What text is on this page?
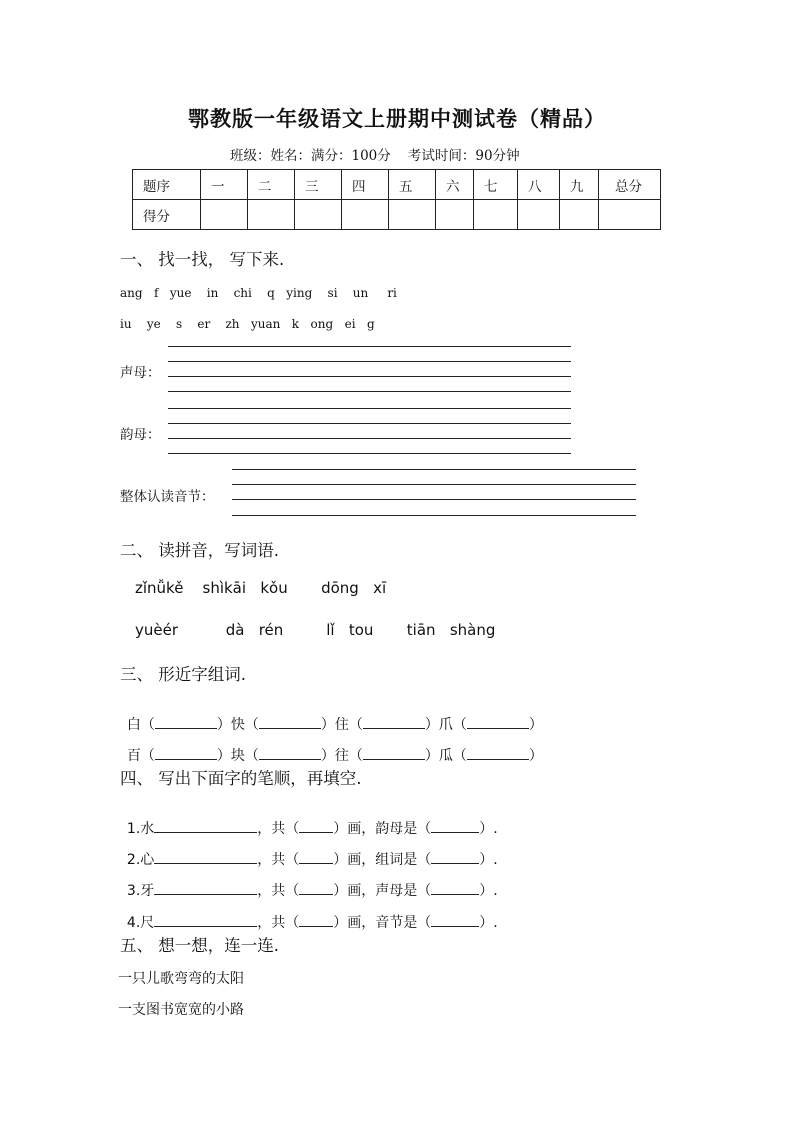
鄂教版一年级语文上册期中测试卷（精品）
班级：姓名：满分：100分    考试时间：90分钟
题序	一	二	三	四	五	六	七	八	九	总分
得分										
一、 找一找， 写下来.
ang   f   yue    in    chi    q   ying    si    un     ri
iu    ye    s    er    zh   yuan   k   ong   ei   g
声母：
韵母：
整体认读音节：
二、 读拼音，写词语.
zǐnǚkě    shìkāi   kǒu       dōng   xī
yuèér          dà   rén         lǐ   tou       tiān   shàng
三、 形近字组词.

白（	）快（	）住（	）爪（	）

百（	）块（	）往（	）瓜（	）

四、 写出下面字的笔顺，再填空.

1.水	，共（ ）画，韵母是（	）.

2.心	，共（ ）画，组词是（	）.

3.牙	，共（ ）画，声母是（	）.

4.尺	，共（ ）画，音节是（	）.

五、 想一想，连一连.
一只儿歌弯弯的太阳
一支图书宽宽的小路
